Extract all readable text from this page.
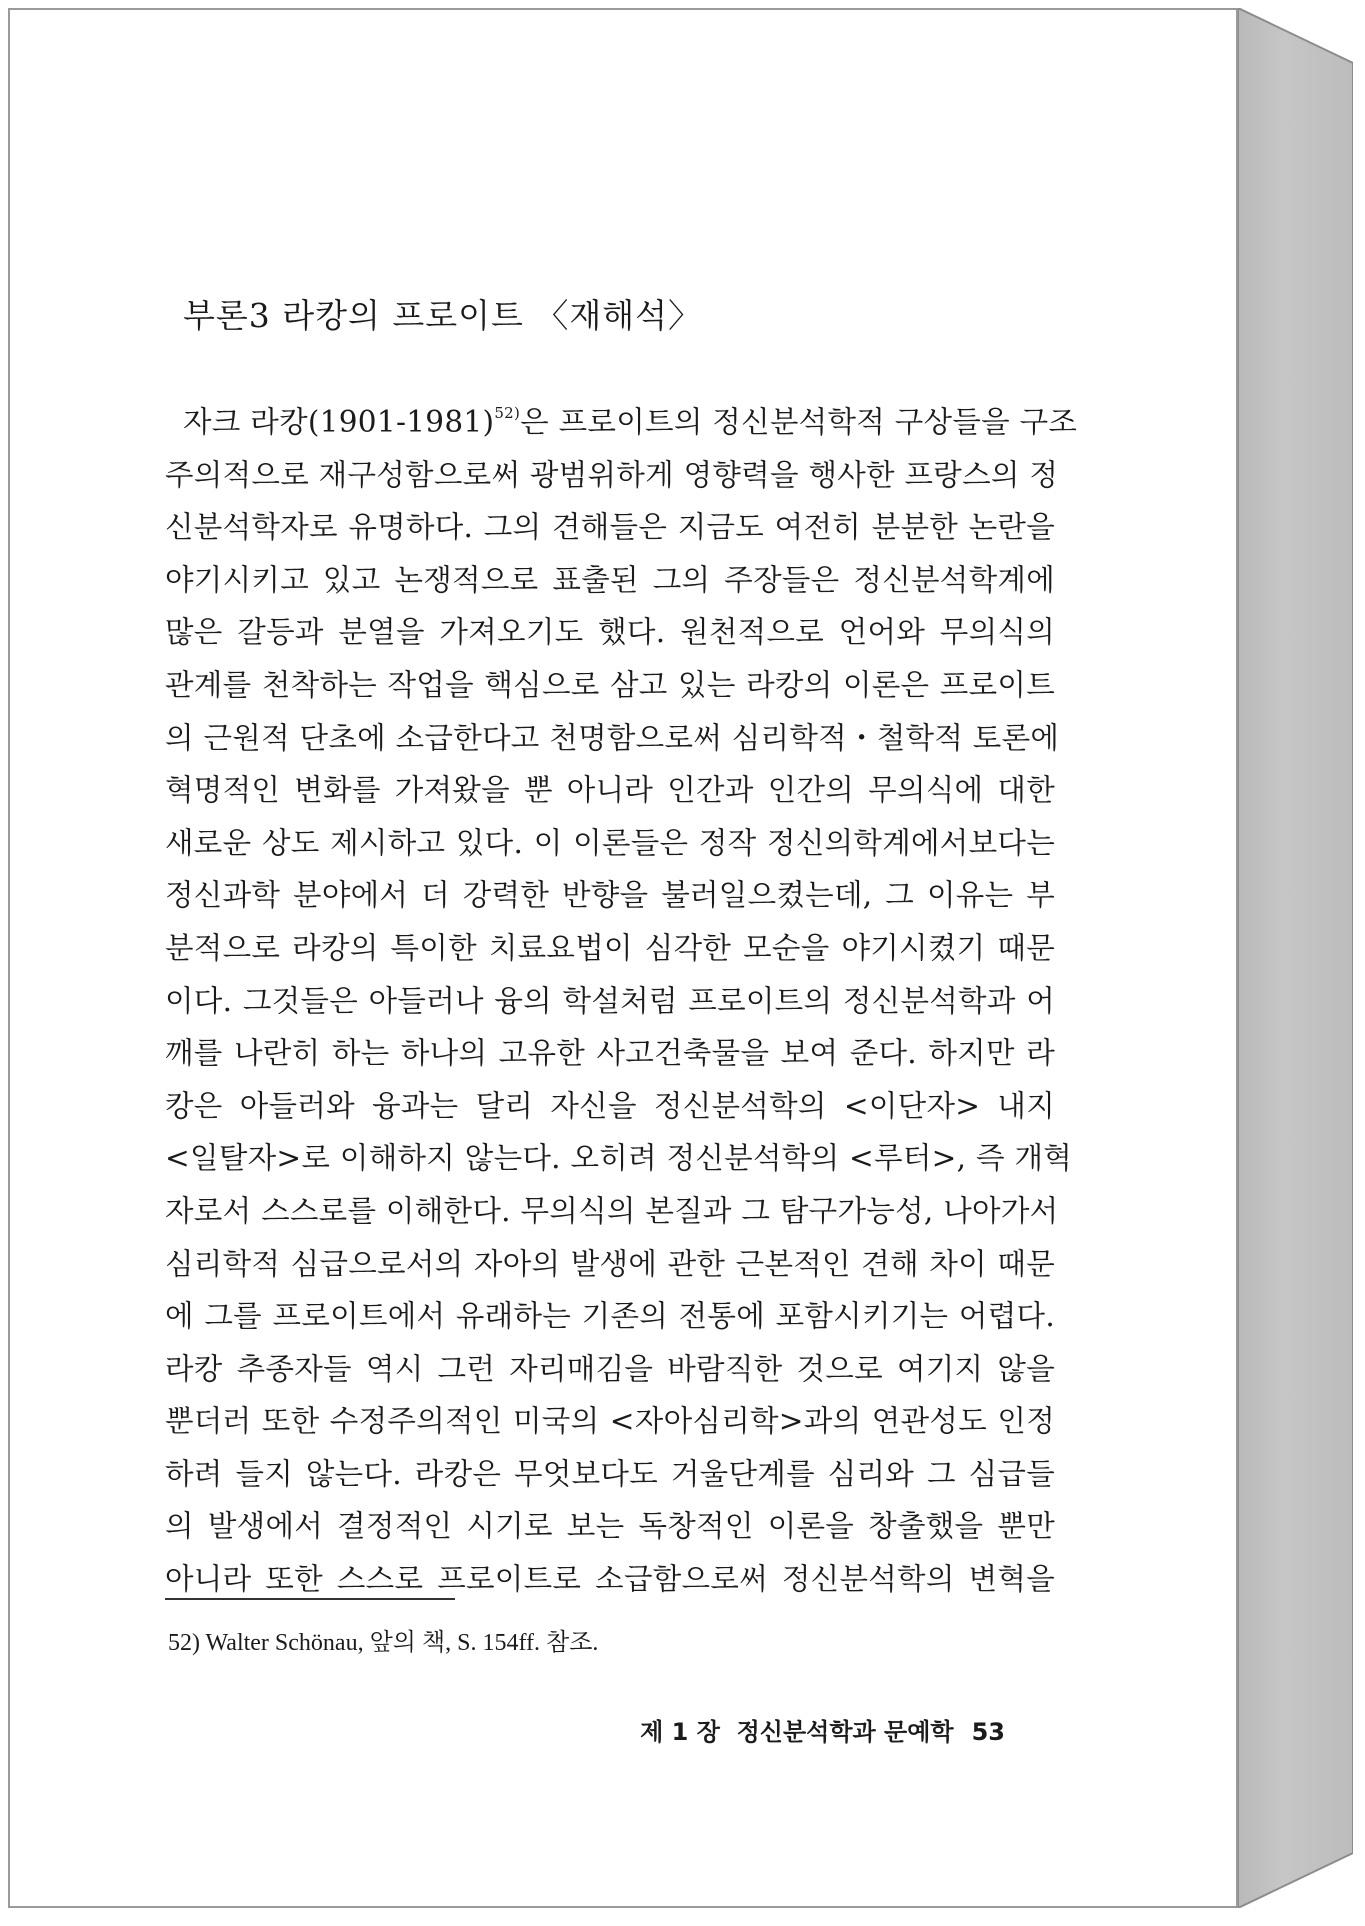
부론3 라캉의 프로이트 〈재해석〉
자크 라캉(1901-1981)$^{52)}$은 프로이트의 정신분석학적 구상들을 구조
주의적으로 재구성함으로써 광범위하게 영향력을 행사한 프랑스의 정
신분석학자로 유명하다. 그의 견해들은 지금도 여전히 분분한 논란을
야기시키고 있고 논쟁적으로 표출된 그의 주장들은 정신분석학계에
많은 갈등과 분열을 가져오기도 했다. 원천적으로 언어와 무의식의
관계를 천착하는 작업을 핵심으로 삼고 있는 라캉의 이론은 프로이트
의 근원적 단초에 소급한다고 천명함으로써 심리학적・철학적 토론에
혁명적인 변화를 가져왔을 뿐 아니라 인간과 인간의 무의식에 대한
새로운 상도 제시하고 있다. 이 이론들은 정작 정신의학계에서보다는
정신과학 분야에서 더 강력한 반향을 불러일으켰는데, 그 이유는 부
분적으로 라캉의 특이한 치료요법이 심각한 모순을 야기시켰기 때문
이다. 그것들은 아들러나 융의 학설처럼 프로이트의 정신분석학과 어
깨를 나란히 하는 하나의 고유한 사고건축물을 보여 준다. 하지만 라
캉은 아들러와 융과는 달리 자신을 정신분석학의 <이단자> 내지
<일탈자>로 이해하지 않는다. 오히려 정신분석학의 <루터>, 즉 개혁
자로서 스스로를 이해한다. 무의식의 본질과 그 탐구가능성, 나아가서
심리학적 심급으로서의 자아의 발생에 관한 근본적인 견해 차이 때문
에 그를 프로이트에서 유래하는 기존의 전통에 포함시키기는 어렵다.
라캉 추종자들 역시 그런 자리매김을 바람직한 것으로 여기지 않을
뿐더러 또한 수정주의적인 미국의 <자아심리학>과의 연관성도 인정
하려 들지 않는다. 라캉은 무엇보다도 거울단계를 심리와 그 심급들
의 발생에서 결정적인 시기로 보는 독창적인 이론을 창출했을 뿐만
아니라 또한 스스로 프로이트로 소급함으로써 정신분석학의 변혁을
52) Walter Schönau, 앞의 책, S. 154ff. 참조.
제 1 장  정신분석학과 문예학 53
